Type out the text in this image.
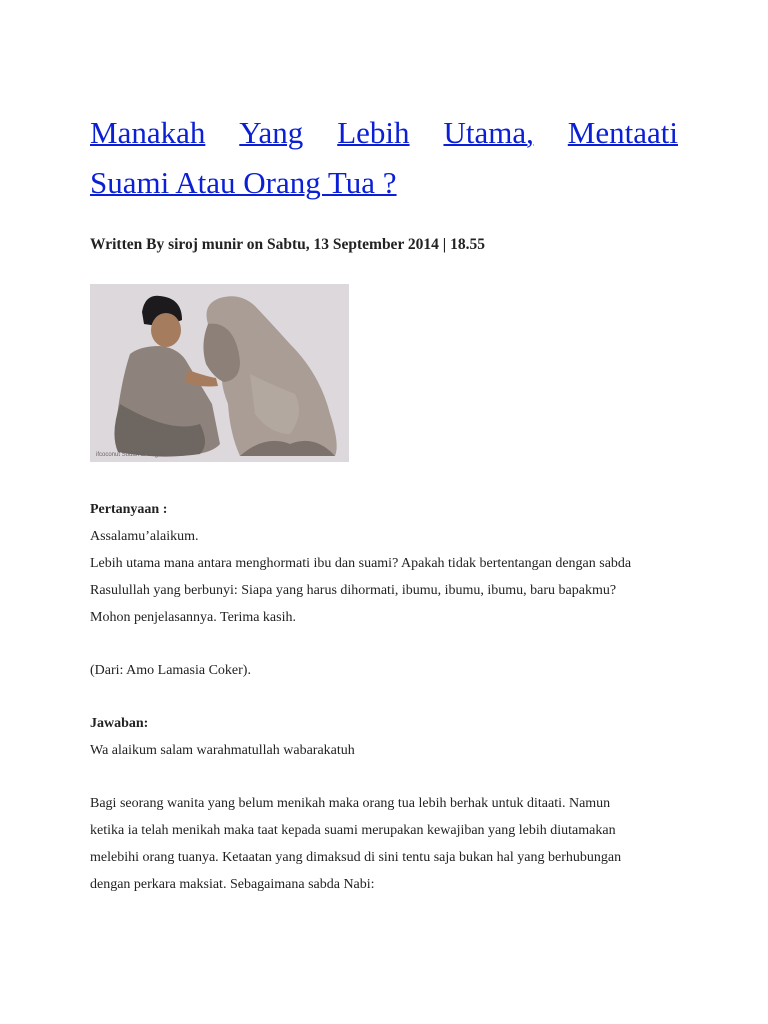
Manakah Yang Lebih Utama, Mentaati
Suami Atau Orang Tua ?

Written By siroj munir on Sabtu, 13 September 2014 | 18.55

ifcoconut Sudah di Ungah

Pertanyaan :

Assalamu’alaikum.

Lebih utama mana antara menghormati ibu dan suami? Apakah tidak bertentangan dengan sabda

Rasulullah yang berbunyi: Siapa yang harus dihormati, ibumu, ibumu, ibumu, baru bapakmu?

Mohon penjelasannya. Terima kasih.

(Dari: Amo Lamasia Coker).

Jawaban:

Wa alaikum salam warahmatullah wabarakatuh

Bagi seorang wanita yang belum menikah maka orang tua lebih berhak untuk ditaati. Namun

ketika ia telah menikah maka taat kepada suami merupakan kewajiban yang lebih diutamakan

melebihi orang tuanya. Ketaatan yang dimaksud di sini tentu saja bukan hal yang berhubungan

dengan perkara maksiat. Sebagaimana sabda Nabi:
